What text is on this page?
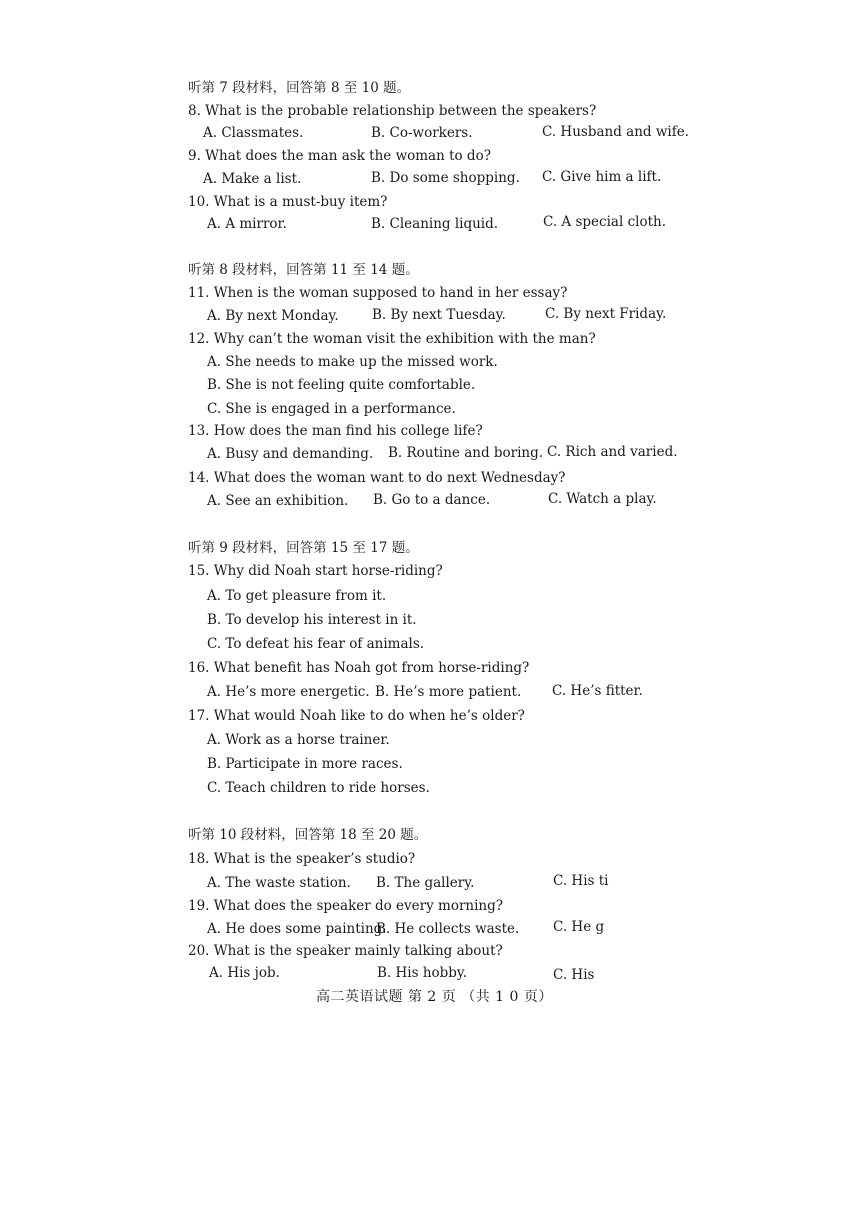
听第 7 段材料，回答第 8 至 10 题。
8. What is the probable relationship between the speakers?
A. Classmates.	B. Co-workers.	C. Husband and wife.
9. What does the man ask the woman to do?
A. Make a list.	B. Do some shopping. C. Give him a lift.
10. What is a must-buy item?
A. A mirror.	B. Cleaning liquid.	C. A special cloth.
听第 8 段材料，回答第 11 至 14 题。
11. When is the woman supposed to hand in her essay?
A. By next Monday. B. By next Tuesday.	C. By next Friday.
12. Why can’t the woman visit the exhibition with the man?
A. She needs to make up the missed work.
B. She is not feeling quite comfortable.
C. She is engaged in a performance.
13. How does the man find his college life?
A. Busy and demanding. B. Routine and boring. C. Rich and varied.
14. What does the woman want to do next Wednesday?
A. See an exhibition. B. Go to a dance.	C. Watch a play.
听第 9 段材料，回答第 15 至 17 题。
15. Why did Noah start horse-riding?
A. To get pleasure from it.
B. To develop his interest in it.
C. To defeat his fear of animals.
16. What benefit has Noah got from horse-riding?
A. He’s more energetic. B. He’s more patient. C. He’s fitter.
17. What would Noah like to do when he’s older?
A. Work as a horse trainer.
B. Participate in more races.
C. Teach children to ride horses.
听第 10 段材料，回答第 18 至 20 题。
18. What is the speaker’s studio?
A. The waste station. B. The gallery.	C. His ti
19. What does the speaker do every morning?
A. He does some painting.
B. He collects waste. C. He g
20. What is the speaker mainly talking about?
A. His job.	B. His hobby.	C. His
高二英语试题 第 2 页 （共 1 0 页）
